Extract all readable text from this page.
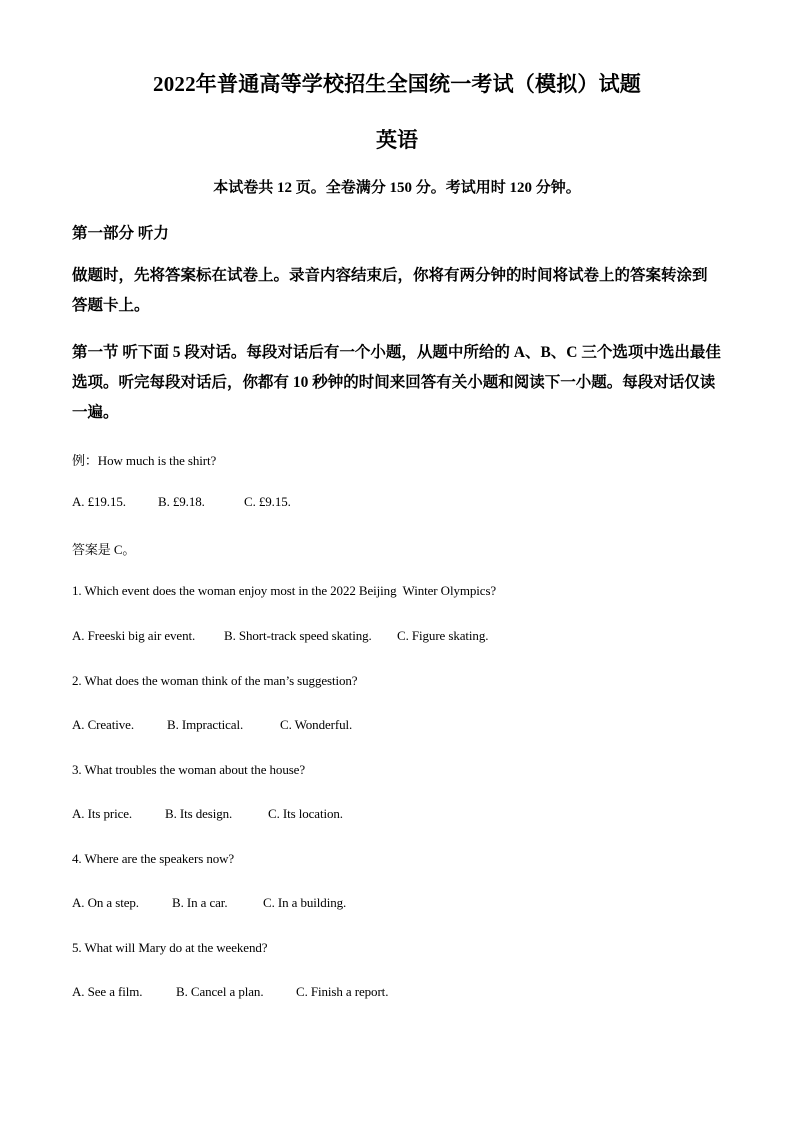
2022年普通高等学校招生全国统一考试（模拟）试题
英语
本试卷共 12 页。全卷满分 150 分。考试用时 120 分钟。
第一部分 听力
做题时，先将答案标在试卷上。录音内容结束后，你将有两分钟的时间将试卷上的答案转涂到答题卡上。
第一节 听下面 5 段对话。每段对话后有一个小题，从题中所给的 A、B、C 三个选项中选出最佳选项。听完每段对话后，你都有 10 秒钟的时间来回答有关小题和阅读下一小题。每段对话仅读一遍。
例：How much is the shirt?
A. £19.15. B. £9.18.	C. £9.15.
答案是 C。
1. Which event does the woman enjoy most in the 2022 Beijing  Winter Olympics?
A. Freeski big air event. B. Short-track speed skating. C. Figure skating.
2. What does the woman think of the man’s suggestion?
A. Creative.	B. Impractical.	C. Wonderful.
3. What troubles the woman about the house?
A. Its price.	B. Its design.	C. Its location.
4. Where are the speakers now?
A. On a step.	B. In a car.	C. In a building.
5. What will Mary do at the weekend?
A. See a film.	B. Cancel a plan.	C. Finish a report.
